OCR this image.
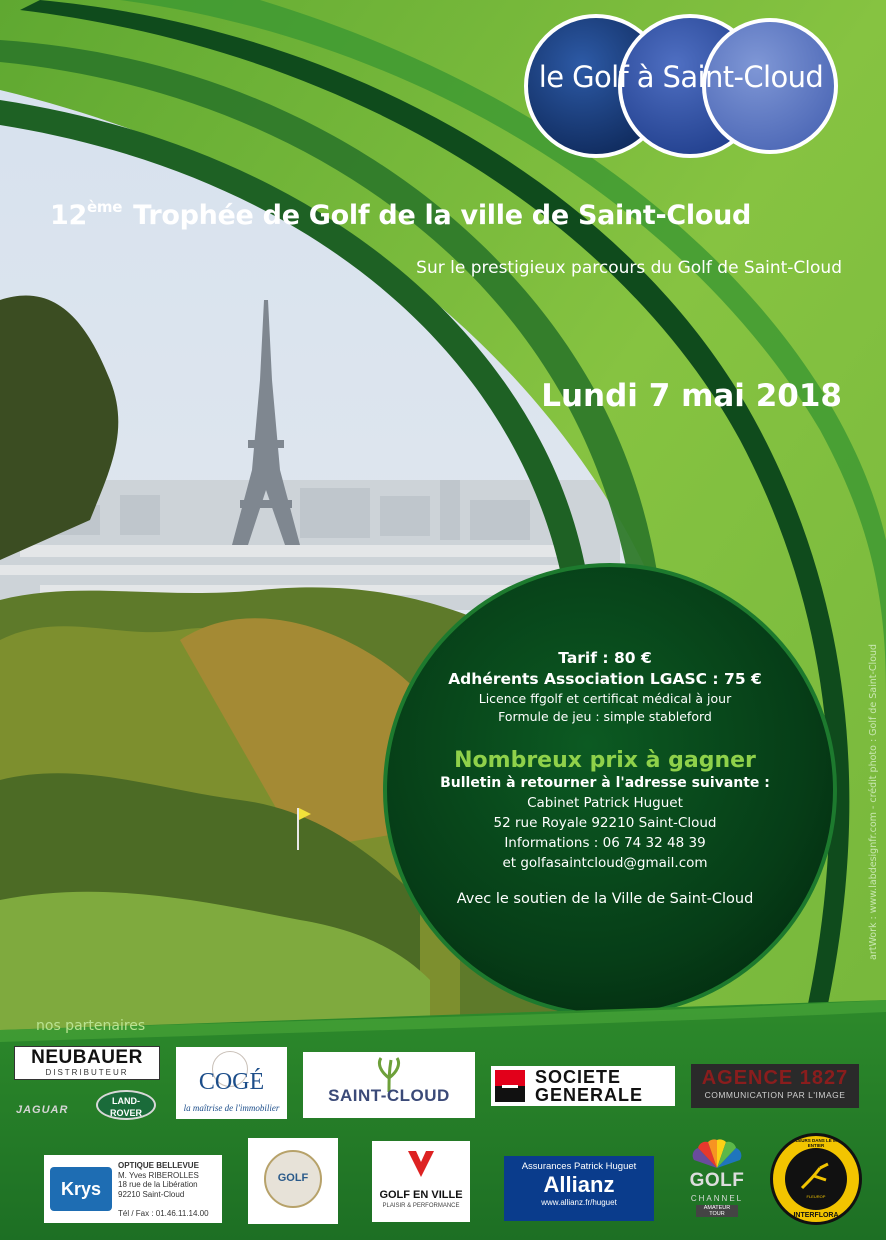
le Golf à Saint-Cloud
12ème Trophée de Golf de la ville de Saint-Cloud
Sur le prestigieux parcours du Golf de Saint-Cloud
Lundi 7 mai 2018
Tarif : 80 €
Adhérents Association LGASC : 75 €
Licence ffgolf et certificat médical à jour
Formule de jeu : simple stableford
Nombreux prix à gagner
Bulletin à retourner à l'adresse suivante :
Cabinet Patrick Huguet
52 rue Royale 92210 Saint-Cloud
Informations : 06 74 32 48 39
et golfasaintcloud@gmail.com
Avec le soutien de la Ville de Saint-Cloud	artWork : www.labdesignfr.com - crédit photo : Golf de Saint-Cloud
nos partenaires
NEUBAUER
DISTRIBUTEUR
JAGUAR
LAND-ROVER
COGÉ
la maîtrise de l'immobilier
SAINT-CLOUD
SOCIETE
GENERALE
AGENCE 1827
COMMUNICATION PAR L'IMAGE
Krys
OPTIQUE BELLEVUE
M. Yves RIBEROLLES
18 rue de la Libération
92210 Saint-Cloud
Tél / Fax : 01.46.11.14.00
GOLF
GOLF EN VILLE
PLAISIR & PERFORMANCE
Assurances Patrick Huguet
Allianz
www.allianz.fr/huguet
GOLF
CHANNEL
AMATEUR TOUR
DES FLEURS DANS LE MONDE ENTIER
FLEUROP
INTERFLORA
